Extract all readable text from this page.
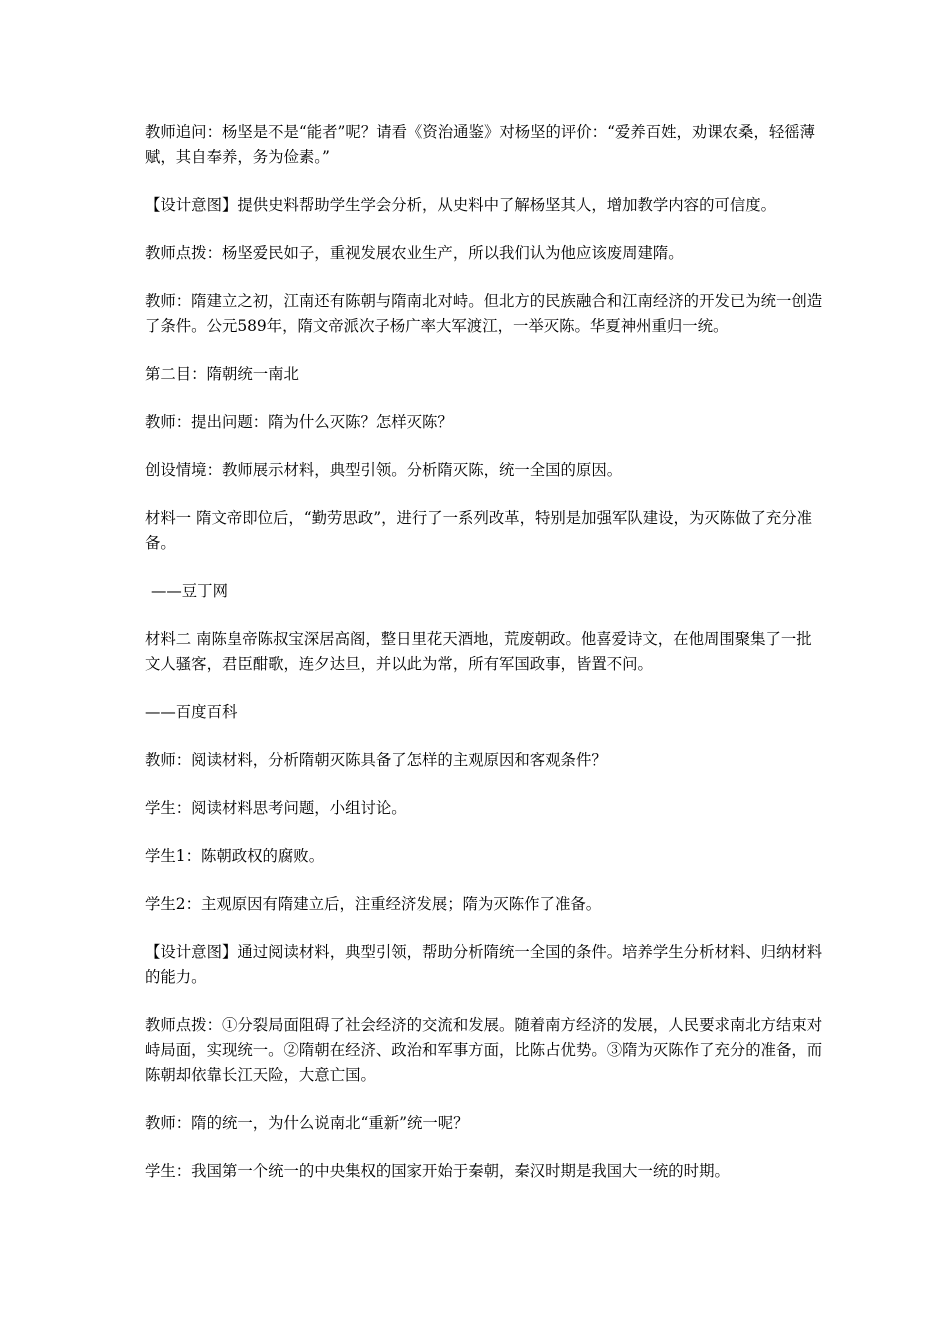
教师追问：杨坚是不是“能者”呢？请看《资治通鉴》对杨坚的评价：“爱养百姓，劝课农桑，轻徭薄赋，其自奉养，务为俭素。”

【设计意图】提供史料帮助学生学会分析，从史料中了解杨坚其人，增加教学内容的可信度。

教师点拨：杨坚爱民如子，重视发展农业生产，所以我们认为他应该废周建隋。

教师：隋建立之初，江南还有陈朝与隋南北对峙。但北方的民族融合和江南经济的开发已为统一创造了条件。公元589年，隋文帝派次子杨广率大军渡江，一举灭陈。华夏神州重归一统。

第二目：隋朝统一南北

教师：提出问题：隋为什么灭陈？怎样灭陈？

创设情境：教师展示材料，典型引领。分析隋灭陈，统一全国的原因。

材料一 隋文帝即位后，“勤劳思政”，进行了一系列改革，特别是加强军队建设，为灭陈做了充分准备。

——豆丁网

材料二 南陈皇帝陈叔宝深居高阁，整日里花天酒地，荒废朝政。他喜爱诗文，在他周围聚集了一批文人骚客，君臣酣歌，连夕达旦，并以此为常，所有军国政事，皆置不问。

——百度百科

教师：阅读材料，分析隋朝灭陈具备了怎样的主观原因和客观条件？

学生：阅读材料思考问题，小组讨论。

学生1：陈朝政权的腐败。

学生2：主观原因有隋建立后，注重经济发展；隋为灭陈作了准备。

【设计意图】通过阅读材料，典型引领，帮助分析隋统一全国的条件。培养学生分析材料、归纳材料的能力。

教师点拨：①分裂局面阻碍了社会经济的交流和发展。随着南方经济的发展，人民要求南北方结束对峙局面，实现统一。②隋朝在经济、政治和军事方面，比陈占优势。③隋为灭陈作了充分的准备，而陈朝却依靠长江天险，大意亡国。

教师：隋的统一，为什么说南北“重新”统一呢？

学生：我国第一个统一的中央集权的国家开始于秦朝，秦汉时期是我国大一统的时期。
